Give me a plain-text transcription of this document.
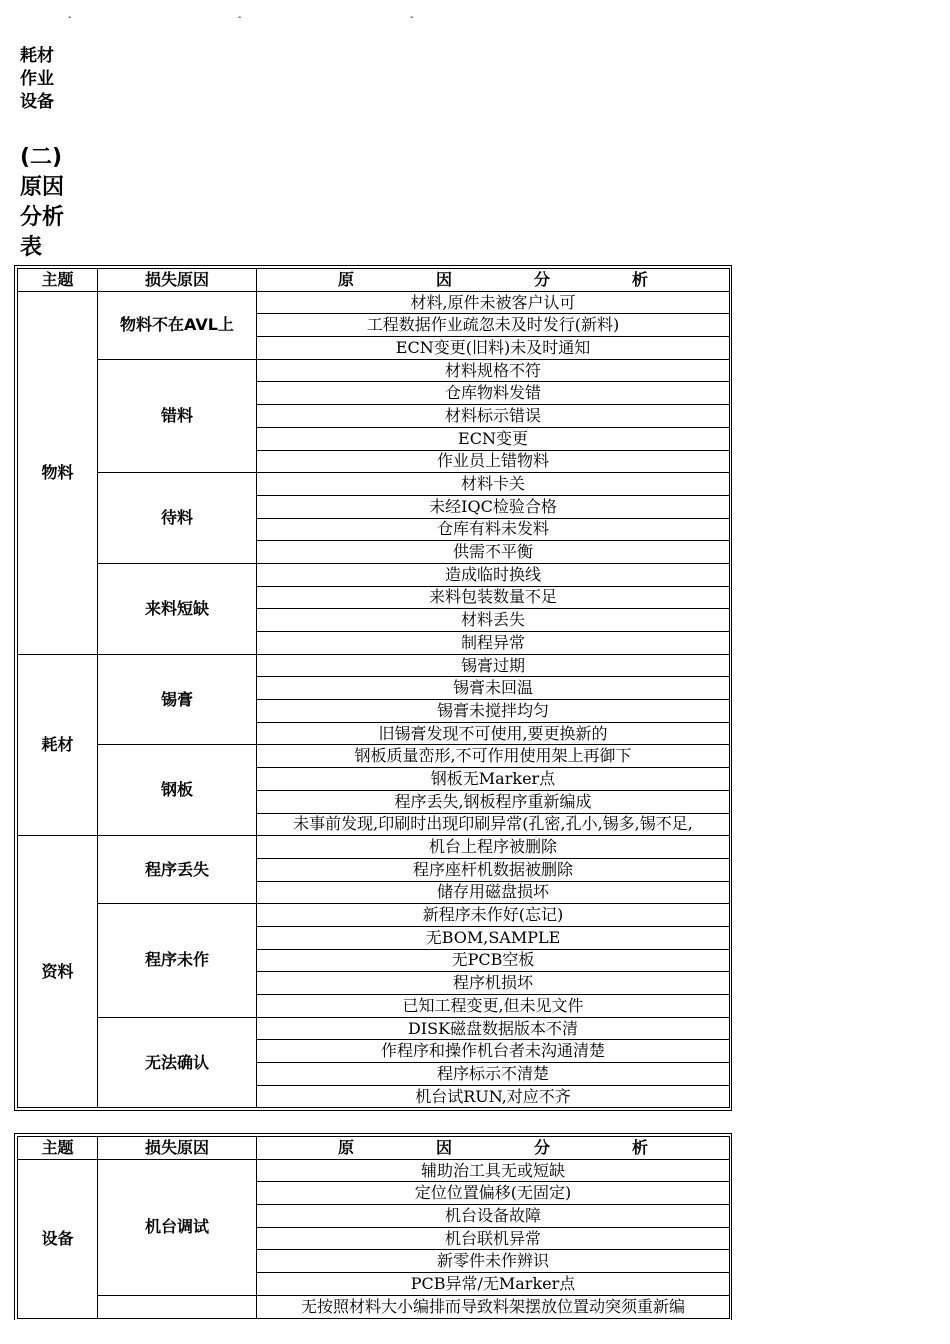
-	-	-
耗材
作业
设备
(二)
原因
分析
表
主题	损失原因	原 因 分 析

物料	物料不在AVL上	材料,原件未被客户认可
		工程数据作业疏忽未及时发行(新料)
		ECN变更(旧料)未及时通知
	错料	材料规格不符
		仓库物料发错
		材料标示错误
		ECN变更
		作业员上错物料
	待料	材料卡关
		未经IQC检验合格
		仓库有料未发料
		供需不平衡
	来料短缺	造成临时换线
		来料包装数量不足
		材料丢失
		制程异常
耗材	锡膏	锡膏过期
		锡膏未回温
		锡膏未搅拌均匀
		旧锡膏发现不可使用,要更换新的
	钢板	钢板质量峦形,不可作用使用架上再御下
		钢板无Marker点
		程序丢失,钢板程序重新编成
		未事前发现,印刷时出现印刷异常(孔密,孔小,锡多,锡不足,
资料	程序丢失	机台上程序被删除
		程序座杆机数据被删除
		储存用磁盘损坏
	程序未作	新程序未作好(忘记)
		无BOM,SAMPLE
		无PCB空板
		程序机损坏
		已知工程变更,但未见文件
	无法确认	DISK磁盘数据版本不清
		作程序和操作机台者未沟通清楚
		程序标示不清楚
		机台试RUN,对应不齐
主题	损失原因	原 因 分 析

设备	机台调试	辅助治工具无或短缺
		定位位置偏移(无固定)
		机台设备故障
		机台联机异常
		新零件未作辨识
		PCB异常/无Marker点
		无按照材料大小编排而导致料架摆放位置动突须重新编
